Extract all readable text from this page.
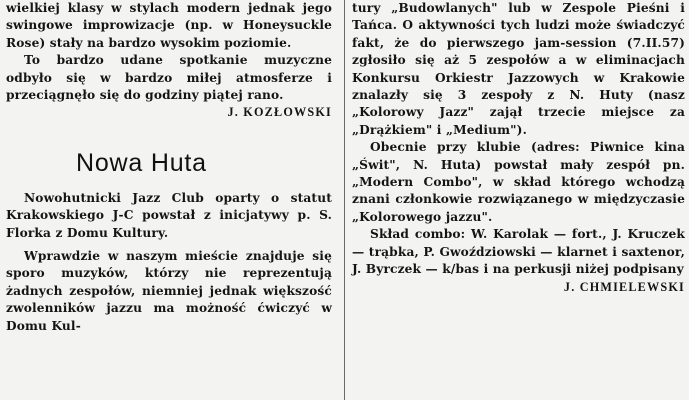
wielkiej klasy w stylach modern jednak jego swingowe improwizacje (np. w Honeysuckle Rose) stały na bardzo wysokim poziomie.

To bardzo udane spotkanie muzyczne odbyło się w bardzo miłej atmosferze i przeciągnęło się do godziny piątej rano.

J. KOZŁOWSKI
Nowa Huta

Nowohutnicki Jazz Club oparty o statut Krakowskiego J-C powstał z inicjatywy p. S. Florka z Domu Kultury.

Wprawdzie w naszym mieście znajduje się sporo muzyków, którzy nie reprezentują żadnych zespołów, niemniej jednak większość zwolenników jazzu ma możność ćwiczyć w Domu Kul-

tury „Budowlanych" lub w Zespole Pieśni i Tańca. O aktywności tych ludzi może świadczyć fakt, że do pierwszego jam-session (7.II.57) zgłosiło się aż 5 zespołów a w eliminacjach Konkursu Orkiestr Jazzowych w Krakowie znalazły się 3 zespoły z N. Huty (nasz „Kolorowy Jazz" zajął trzecie miejsce za „Drążkiem" i „Medium").

Obecnie przy klubie (adres: Piwnice kina „Świt", N. Huta) powstał mały zespół pn. „Modern Combo", w skład którego wchodzą znani członkowie rozwiązanego w międzyczasie „Kolorowego jazzu".

Skład combo: W. Karolak — fort., J. Kruczek — trąbka, P. Gwoździowski — klarnet i saxtenor, J. Byrczek — k/bas i na perkusji niżej podpisany

J. CHMIELEWSKI
